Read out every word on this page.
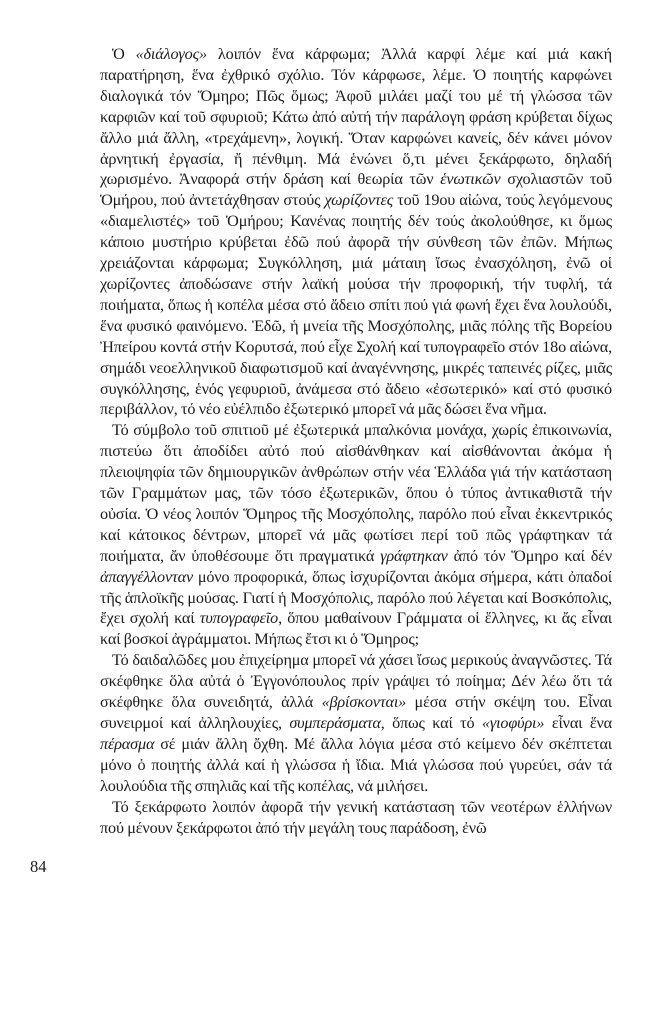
Ὁ «διάλογος» λοιπόν ἕνα κάρφωμα; Ἀλλά καρφί λέμε καί μιά κακή παρατήρηση, ἕνα ἐχθρικό σχόλιο. Τόν κάρφωσε, λέμε. Ὁ ποιητής καρφώνει διαλογικά τόν Ὅμηρο; Πῶς ὅμως; Ἀφοῦ μιλάει μαζί του μέ τή γλώσσα τῶν καρφιῶν καί τοῦ σφυριοῦ; Κάτω ἀπό αὐτή τήν παράλογη φράση κρύβεται δίχως ἄλλο μιά ἄλλη, «τρεχάμενη», λογική. Ὅταν καρφώνει κανείς, δέν κάνει μόνον ἀρνητική ἐργασία, ἤ πένθιμη. Μά ἑνώνει ὅ,τι μένει ξεκάρφωτο, δηλαδή χωρισμένο. Ἀναφορά στήν δράση καί θεωρία τῶν ἑνωτικῶν σχολιαστῶν τοῦ Ὁμήρου, πού ἀντετάχθησαν στούς χωρίζοντες τοῦ 19ου αἰώνα, τούς λεγόμενους «διαμελιστές» τοῦ Ὁμήρου; Κανένας ποιητής δέν τούς ἀκολούθησε, κι ὅμως κάποιο μυστήριο κρύβεται ἐδῶ πού ἀφορᾶ τήν σύνθεση τῶν ἐπῶν. Μήπως χρειάζονται κάρφωμα; Συγκόλληση, μιά μάταιη ἴσως ἐνασχόληση, ἐνῶ οἱ χωρίζοντες ἀποδώσανε στήν λαϊκή μούσα τήν προφορική, τήν τυφλή, τά ποιήματα, ὅπως ἡ κοπέλα μέσα στό ἄδειο σπίτι πού γιά φωνή ἔχει ἕνα λουλούδι, ἕνα φυσικό φαινόμενο. Ἐδῶ, ἡ μνεία τῆς Μοσχόπολης, μιᾶς πόλης τῆς Βορείου Ἠπείρου κοντά στήν Κορυτσά, πού εἶχε Σχολή καί τυπογραφεῖο στόν 18ο αἰώνα, σημάδι νεοελληνικοῦ διαφωτισμοῦ καί ἀναγέννησης, μικρές ταπεινές ρίζες, μιᾶς συγκόλλησης, ἑνός γεφυριοῦ, ἀνάμεσα στό ἄδειο «ἐσωτερικό» καί στό φυσικό περιβάλλον, τό νέο εὐέλπιδο ἐξωτερικό μπορεῖ νά μᾶς δώσει ἕνα νῆμα.

Τό σύμβολο τοῦ σπιτιοῦ μέ ἐξωτερικά μπαλκόνια μονάχα, χωρίς ἐπικοινωνία, πιστεύω ὅτι ἀποδίδει αὐτό πού αἰσθάνθηκαν καί αἰσθάνονται ἀκόμα ἡ πλειοψηφία τῶν δημιουργικῶν ἀνθρώπων στήν νέα Ἑλλάδα γιά τήν κατάσταση τῶν Γραμμάτων μας, τῶν τόσο ἐξωτερικῶν, ὅπου ὁ τύπος ἀντικαθιστᾶ τήν οὐσία. Ὁ νέος λοιπόν Ὅμηρος τῆς Μοσχόπολης, παρόλο πού εἶναι ἐκκεντρικός καί κάτοικος δέντρων, μπορεῖ νά μᾶς φωτίσει περί τοῦ πῶς γράφτηκαν τά ποιήματα, ἄν ὑποθέσουμε ὅτι πραγματικά γράφτηκαν ἀπό τόν Ὅμηρο καί δέν ἀπαγγέλλονταν μόνο προφορικά, ὅπως ἰσχυρίζονται ἀκόμα σήμερα, κάτι ὀπαδοί τῆς ἁπλοϊκῆς μούσας. Γιατί ἡ Μοσχόπολις, παρόλο πού λέγεται καί Βοσκόπολις, ἔχει σχολή καί τυπογραφεῖο, ὅπου μαθαίνουν Γράμματα οἱ ἕλληνες, κι ἄς εἶναι καί βοσκοί ἀγράμματοι. Μήπως ἔτσι κι ὁ Ὅμηρος;

Τό δαιδαλῶδες μου ἐπιχείρημα μπορεῖ νά χάσει ἴσως μερικούς ἀναγνῶστες. Τά σκέφθηκε ὅλα αὐτά ὁ Ἐγγονόπουλος πρίν γράψει τό ποίημα; Δέν λέω ὅτι τά σκέφθηκε ὅλα συνειδητά, ἀλλά «βρίσκονται» μέσα στήν σκέψη του. Εἶναι συνειρμοί καί ἀλληλουχίες, συμπεράσματα, ὅπως καί τό «γιοφύρι» εἶναι ἕνα πέρασμα σέ μιάν ἄλλη ὄχθη. Μέ ἄλλα λόγια μέσα στό κείμενο δέν σκέπτεται μόνο ὁ ποιητής ἀλλά καί ἡ γλώσσα ἡ ἴδια. Μιά γλώσσα πού γυρεύει, σάν τά λουλούδια τῆς σπηλιᾶς καί τῆς κοπέλας, νά μιλήσει.

Τό ξεκάρφωτο λοιπόν ἀφορᾶ τήν γενική κατάσταση τῶν νεοτέρων ἑλλήνων πού μένουν ξεκάρφωτοι ἀπό τήν μεγάλη τους παράδοση, ἐνῶ

84
